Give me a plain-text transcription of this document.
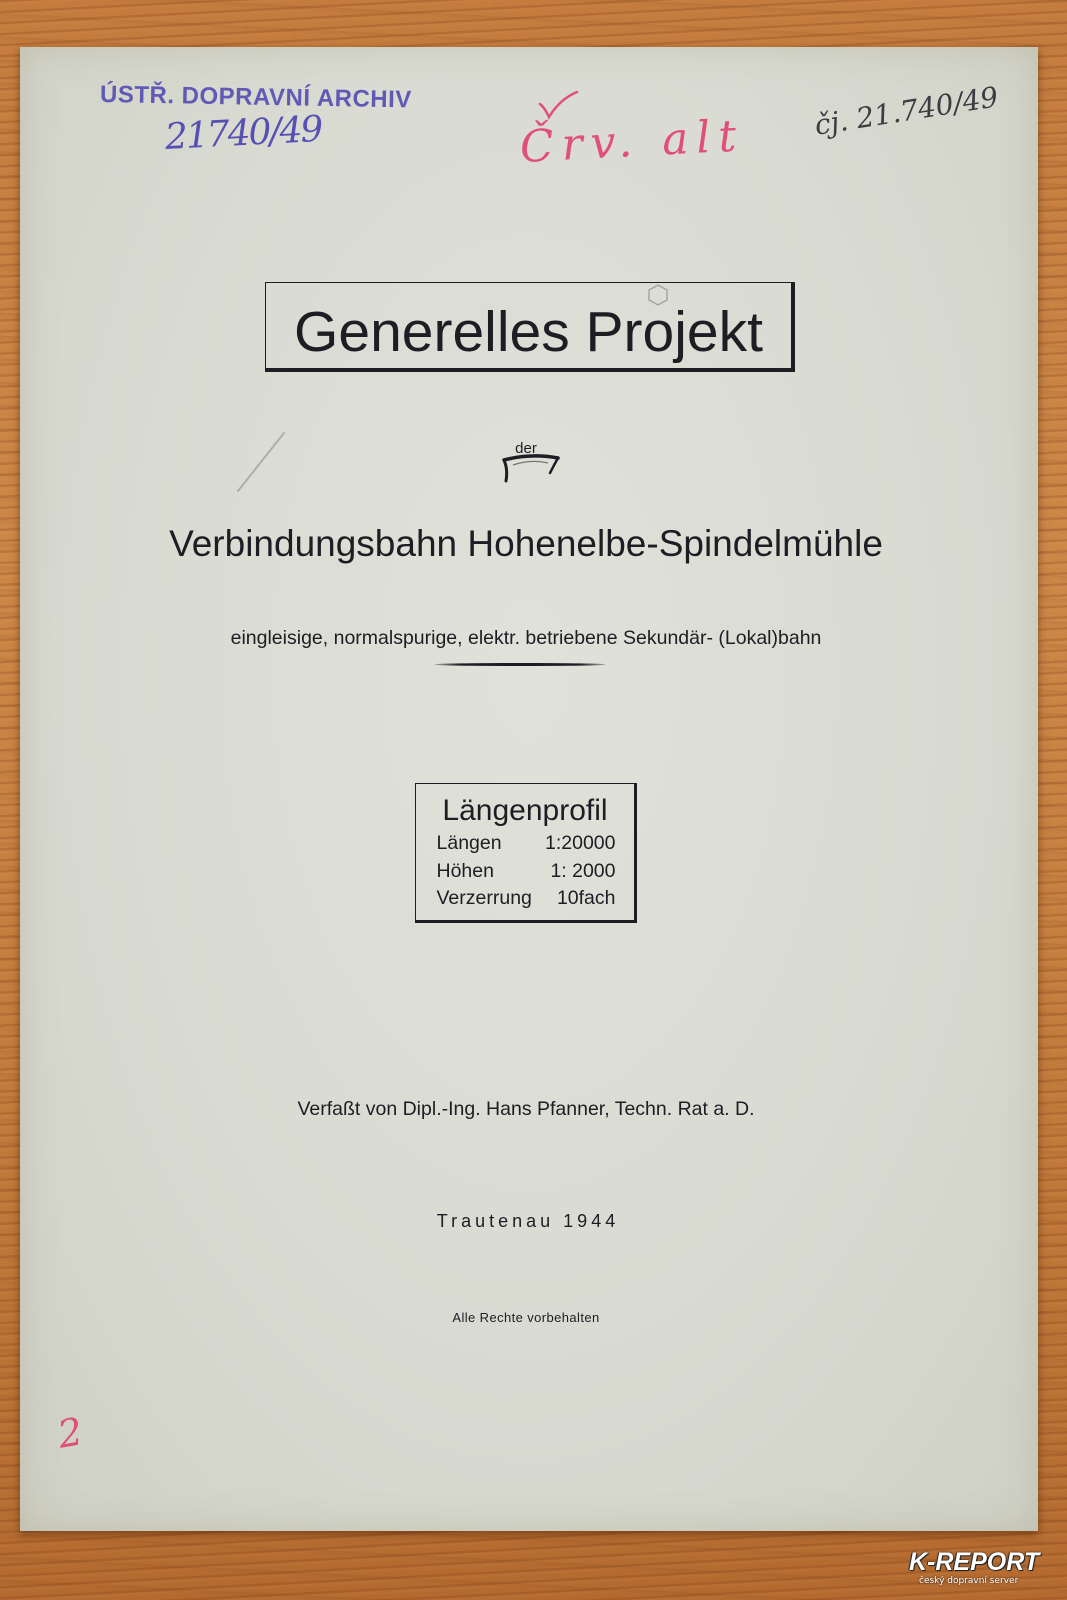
ÚSTŘ. DOPRAVNÍ ARCHIV
21740/49	Črv. alt čj. 21.740/49
Generelles Projekt
der
Verbindungsbahn Hohenelbe-Spindelmühle
eingleisige, normalspurige, elektr. betriebene Sekundär- (Lokal)bahn
Längenprofil
Längen 1:20000
Höhen	1: 2000
Verzerrung 10fach
Verfaßt von Dipl.-Ing. Hans Pfanner, Techn. Rat a. D.
Trautenau 1944
Alle Rechte vorbehalten
2
K-REPORT
český dopravní server
